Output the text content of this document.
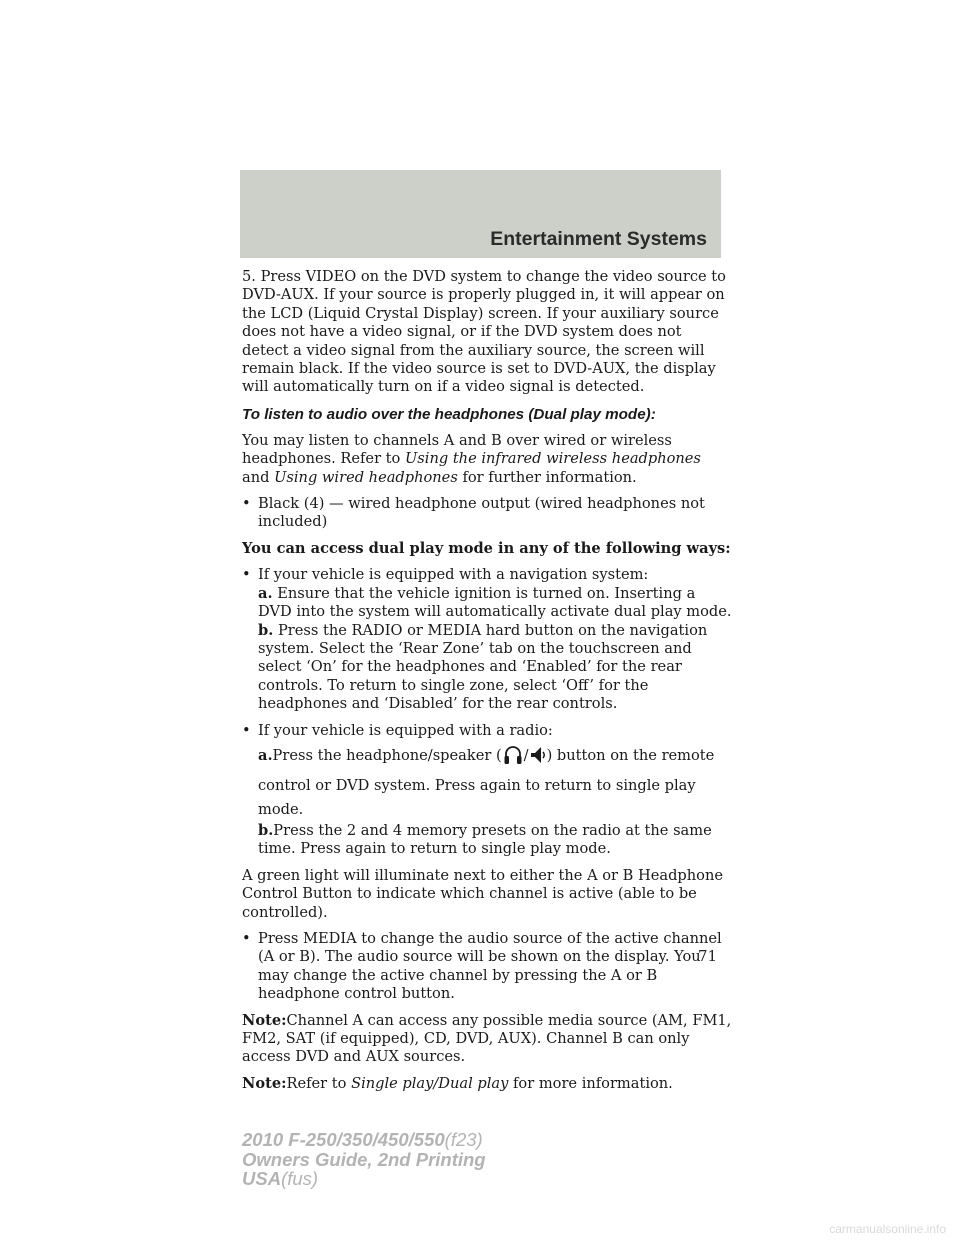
Entertainment Systems

5. Press VIDEO on the DVD system to change the video source to DVD-AUX. If your source is properly plugged in, it will appear on the LCD (Liquid Crystal Display) screen. If your auxiliary source does not have a video signal, or if the DVD system does not detect a video signal from the auxiliary source, the screen will remain black. If the video source is set to DVD-AUX, the display will automatically turn on if a video signal is detected.

To listen to audio over the headphones (Dual play mode):

You may listen to channels A and B over wired or wireless headphones. Refer to Using the infrared wireless headphones and Using wired headphones for further information.

• Black (4) — wired headphone output (wired headphones not included)

You can access dual play mode in any of the following ways:

• If your vehicle is equipped with a navigation system:
a. Ensure that the vehicle ignition is turned on. Inserting a DVD into the system will automatically activate dual play mode.
b. Press the RADIO or MEDIA hard button on the navigation system. Select the ‘Rear Zone’ tab on the touchscreen and select ‘On’ for the headphones and ‘Enabled’ for the rear controls. To return to single zone, select ‘Off’ for the headphones and ‘Disabled’ for the rear controls.
• If your vehicle is equipped with a radio:
a.Press the headphone/speaker ( / ) button on the remote control or DVD system. Press again to return to single play mode.
b.Press the 2 and 4 memory presets on the radio at the same time. Press again to return to single play mode.

A green light will illuminate next to either the A or B Headphone Control Button to indicate which channel is active (able to be controlled).

• Press MEDIA to change the audio source of the active channel (A or B). The audio source will be shown on the display. You may change the active channel by pressing the A or B headphone control button.

Note:Channel A can access any possible media source (AM, FM1, FM2, SAT (if equipped), CD, DVD, AUX). Channel B can only access DVD and AUX sources.

Note:Refer to Single play/Dual play for more information.

71
2010 F-250/350/450/550(f23)
Owners Guide, 2nd Printing
USA(fus)
carmanualsonline.info
